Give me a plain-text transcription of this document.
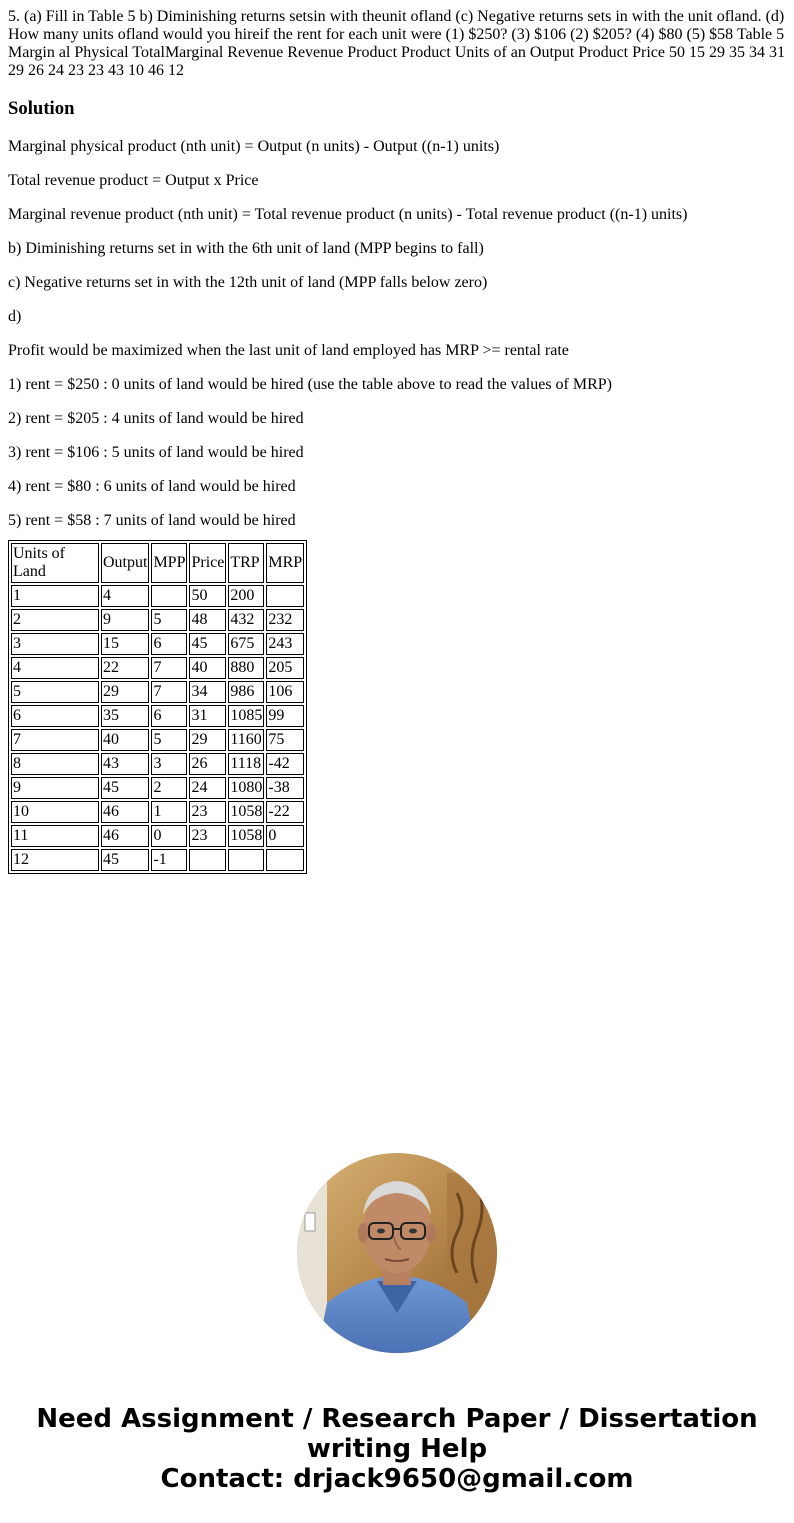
5. (a) Fill in Table 5 b) Diminishing returns setsin with theunit ofland (c) Negative returns sets in with the unit ofland. (d) How many units ofland would you hireif the rent for each unit were (1) $250? (3) $106 (2) $205? (4) $80 (5) $58 Table 5 Margin al Physical TotalMarginal Revenue Revenue Product Product Units of an Output Product Price 50 15 29 35 34 31 29 26 24 23 23 43 10 46 12

Solution

Marginal physical product (nth unit) = Output (n units) - Output ((n-1) units)

Total revenue product = Output x Price

Marginal revenue product (nth unit) = Total revenue product (n units) - Total revenue product ((n-1) units)

b) Diminishing returns set in with the 6th unit of land (MPP begins to fall)

c) Negative returns set in with the 12th unit of land (MPP falls below zero)

d)

Profit would be maximized when the last unit of land employed has MRP >= rental rate

1) rent = $250 : 0 units of land would be hired (use the table above to read the values of MRP)

2) rent = $205 : 4 units of land would be hired

3) rent = $106 : 5 units of land would be hired

4) rent = $80 : 6 units of land would be hired

5) rent = $58 : 7 units of land would be hired

Units of Land	Output	MPP	Price	TRP	MRP
1	4		50	200	
2	9	5	48	432	232
3	15	6	45	675	243
4	22	7	40	880	205
5	29	7	34	986	106
6	35	6	31	1085	99
7	40	5	29	1160	75
8	43	3	26	1118	-42
9	45	2	24	1080	-38
10	46	1	23	1058	-22
11	46	0	23	1058	0
12	45	-1			
Need Assignment / Research Paper / Dissertation
writing Help
Contact: drjack9650@gmail.com
